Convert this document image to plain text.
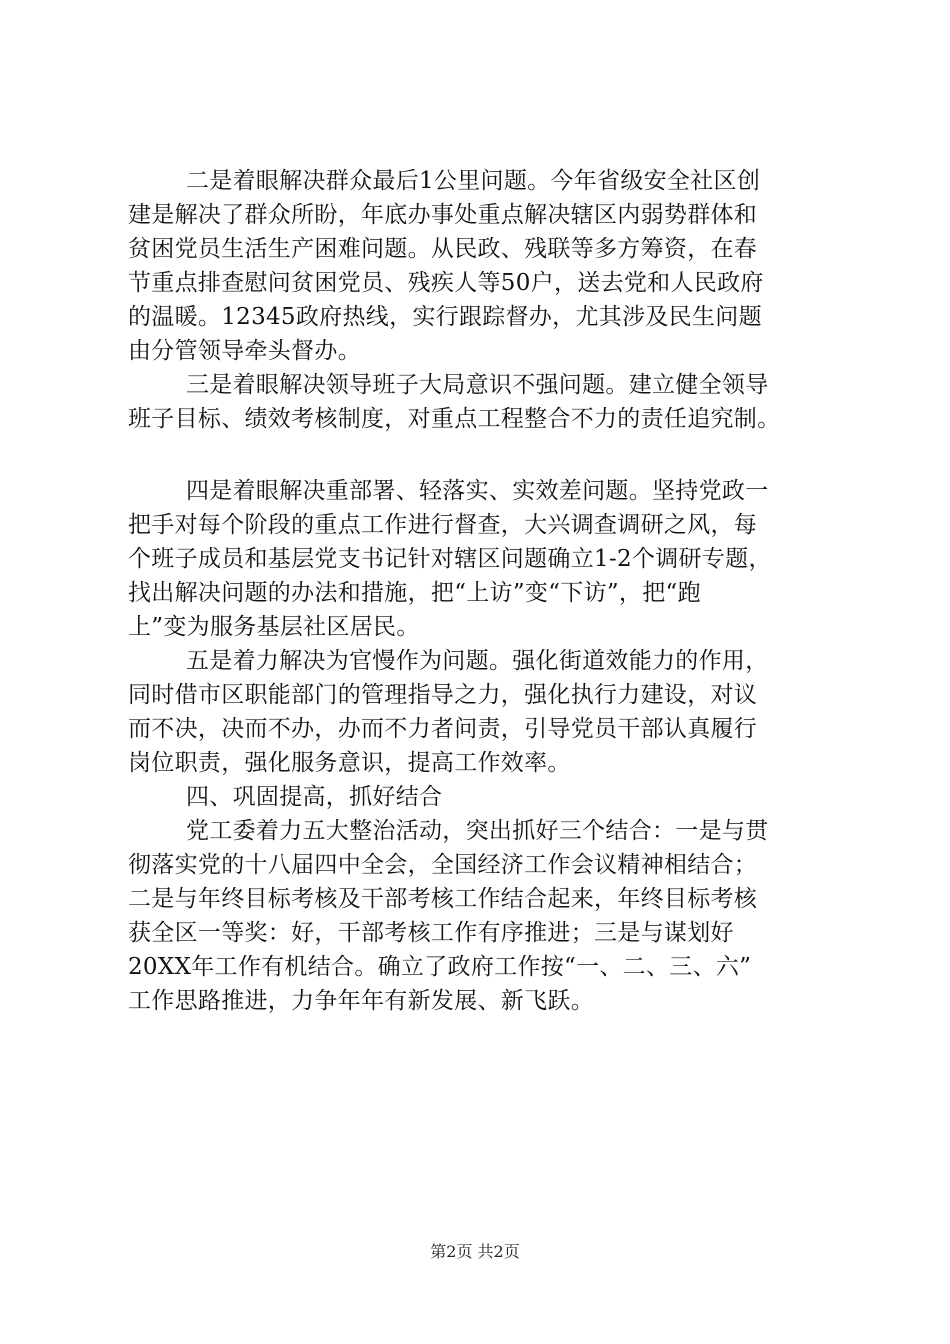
二是着眼解决群众最后1公里问题。今年省级安全社区创
建是解决了群众所盼，年底办事处重点解决辖区内弱势群体和
贫困党员生活生产困难问题。从民政、残联等多方筹资，在春
节重点排查慰问贫困党员、残疾人等50户，送去党和人民政府
的温暖。12345政府热线，实行跟踪督办，尤其涉及民生问题
由分管领导牵头督办。
三是着眼解决领导班子大局意识不强问题。建立健全领导
班子目标、绩效考核制度，对重点工程整合不力的责任追究制。
四是着眼解决重部署、轻落实、实效差问题。坚持党政一
把手对每个阶段的重点工作进行督查，大兴调查调研之风，每
个班子成员和基层党支书记针对辖区问题确立1-2个调研专题，
找出解决问题的办法和措施，把“上访”变“下访”，把“跑
上”变为服务基层社区居民。
五是着力解决为官慢作为问题。强化街道效能力的作用，
同时借市区职能部门的管理指导之力，强化执行力建设，对议
而不决，决而不办，办而不力者问责，引导党员干部认真履行
岗位职责，强化服务意识，提高工作效率。
四、巩固提高，抓好结合
党工委着力五大整治活动，突出抓好三个结合：一是与贯
彻落实党的十八届四中全会，全国经济工作会议精神相结合；
二是与年终目标考核及干部考核工作结合起来，年终目标考核
获全区一等奖：好，干部考核工作有序推进；三是与谋划好
20XX年工作有机结合。确立了政府工作按“一、二、三、六”
工作思路推进，力争年年有新发展、新飞跃。
第2页 共2页
